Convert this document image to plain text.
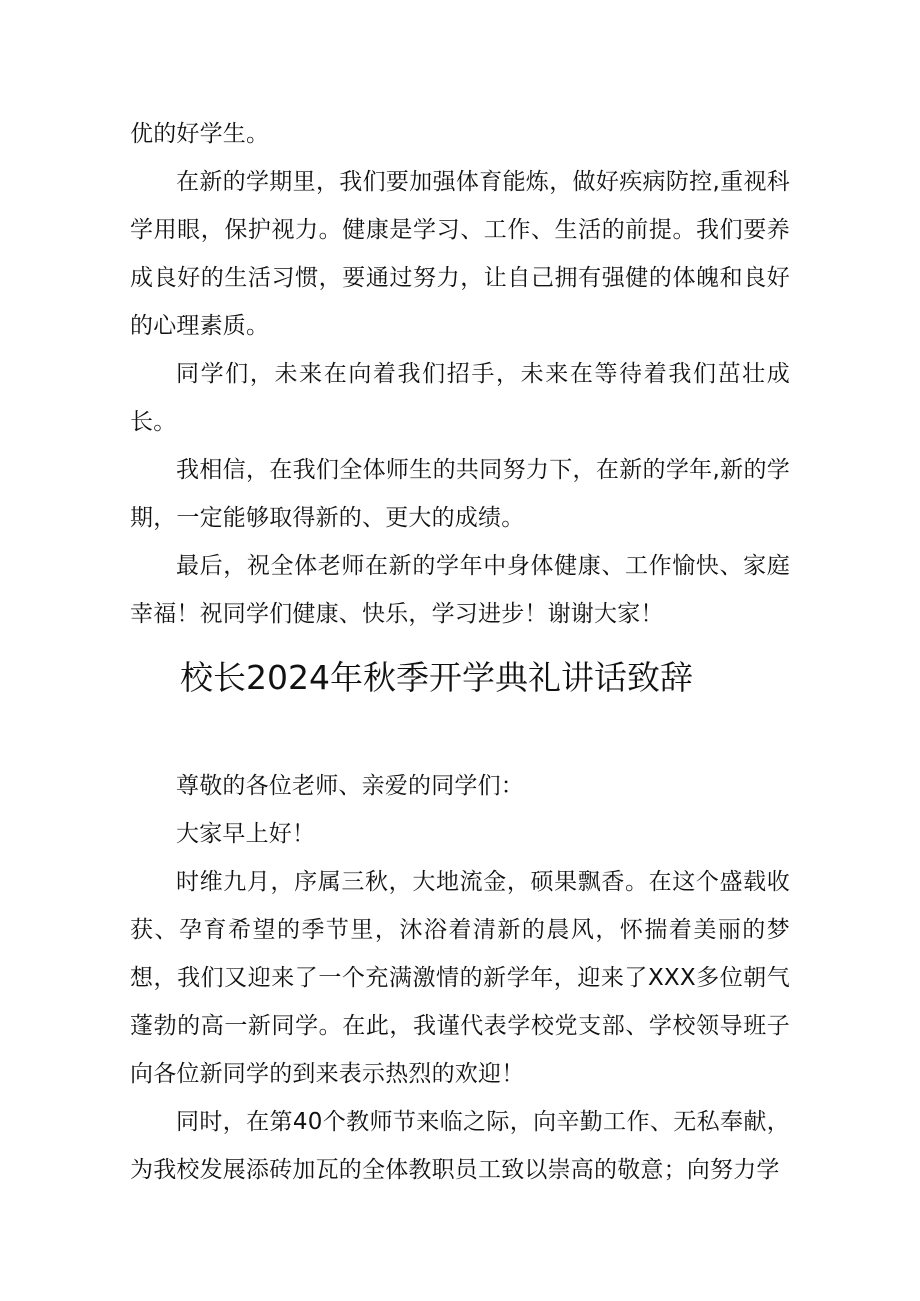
优的好学生。

在新的学期里，我们要加强体育能炼，做好疾病防控,重视科学用眼，保护视力。健康是学习、工作、生活的前提。我们要养成良好的生活习惯，要通过努力，让自己拥有强健的体魄和良好的心理素质。

同学们，未来在向着我们招手，未来在等待着我们茁壮成长。

我相信，在我们全体师生的共同努力下，在新的学年,新的学期，一定能够取得新的、更大的成绩。

最后，祝全体老师在新的学年中身体健康、工作愉快、家庭幸福！祝同学们健康、快乐，学习进步！谢谢大家！

校长2024年秋季开学典礼讲话致辞

尊敬的各位老师、亲爱的同学们：

大家早上好！

时维九月，序属三秋，大地流金，硕果飘香。在这个盛载收获、孕育希望的季节里，沐浴着清新的晨风，怀揣着美丽的梦想，我们又迎来了一个充满激情的新学年，迎来了XXX多位朝气蓬勃的高一新同学。在此，我谨代表学校党支部、学校领导班子向各位新同学的到来表示热烈的欢迎！

同时，在第40个教师节来临之际，向辛勤工作、无私奉献，为我校发展添砖加瓦的全体教职员工致以崇高的敬意；向努力学
